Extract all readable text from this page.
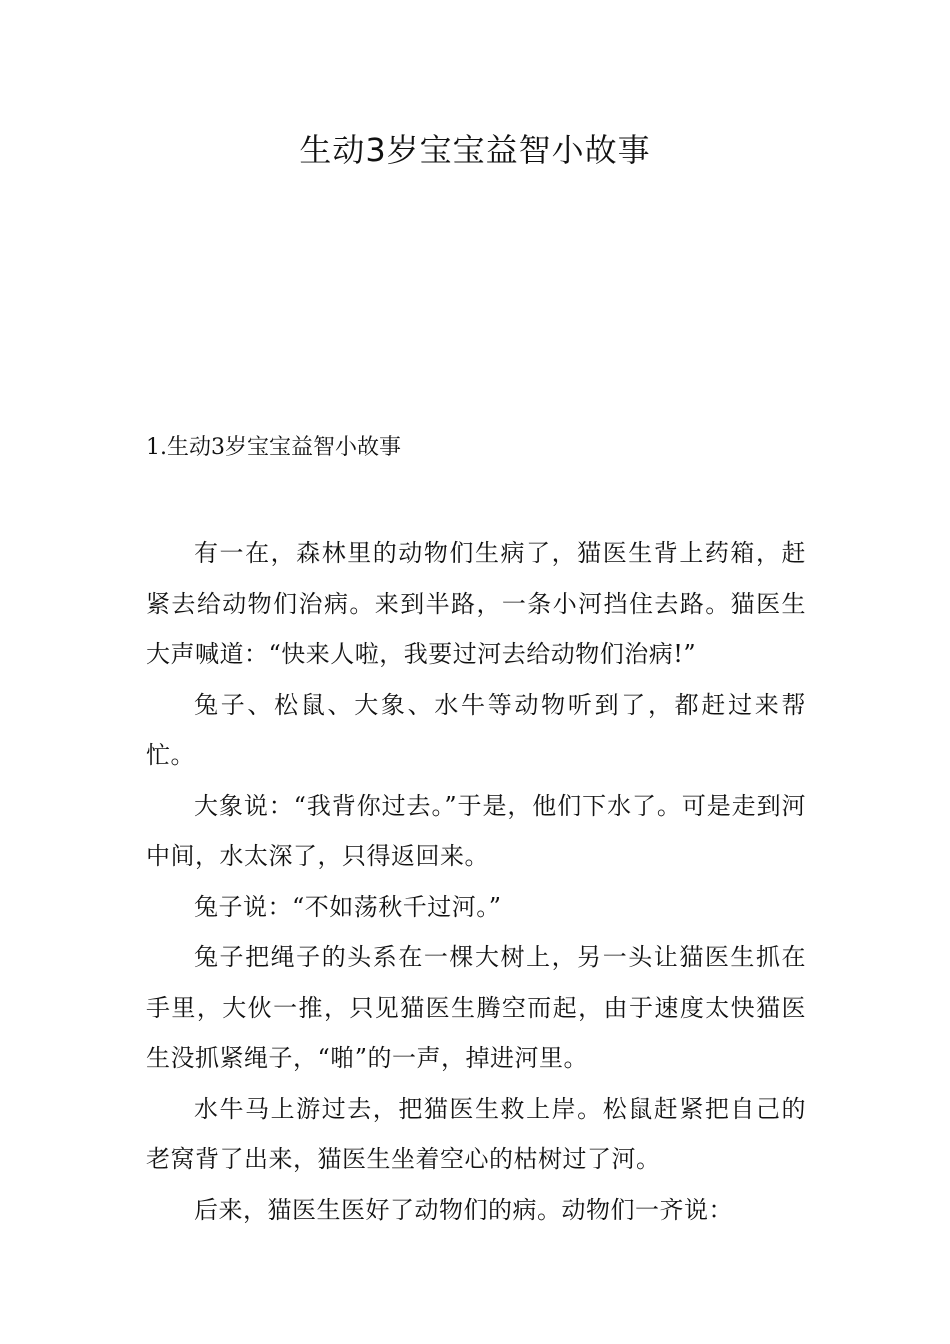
生动3岁宝宝益智小故事
1.生动3岁宝宝益智小故事

有一在，森林里的动物们生病了，猫医生背上药箱，赶紧去给动物们治病。来到半路，一条小河挡住去路。猫医生大声喊道：“快来人啦，我要过河去给动物们治病!”

兔子、松鼠、大象、水牛等动物听到了，都赶过来帮忙。

大象说：“我背你过去。”于是，他们下水了。可是走到河中间，水太深了，只得返回来。

兔子说：“不如荡秋千过河。”

兔子把绳子的头系在一棵大树上，另一头让猫医生抓在手里，大伙一推，只见猫医生腾空而起，由于速度太快猫医生没抓紧绳子，“啪”的一声，掉进河里。

水牛马上游过去，把猫医生救上岸。松鼠赶紧把自己的老窝背了出来，猫医生坐着空心的枯树过了河。

后来，猫医生医好了动物们的病。动物们一齐说：
